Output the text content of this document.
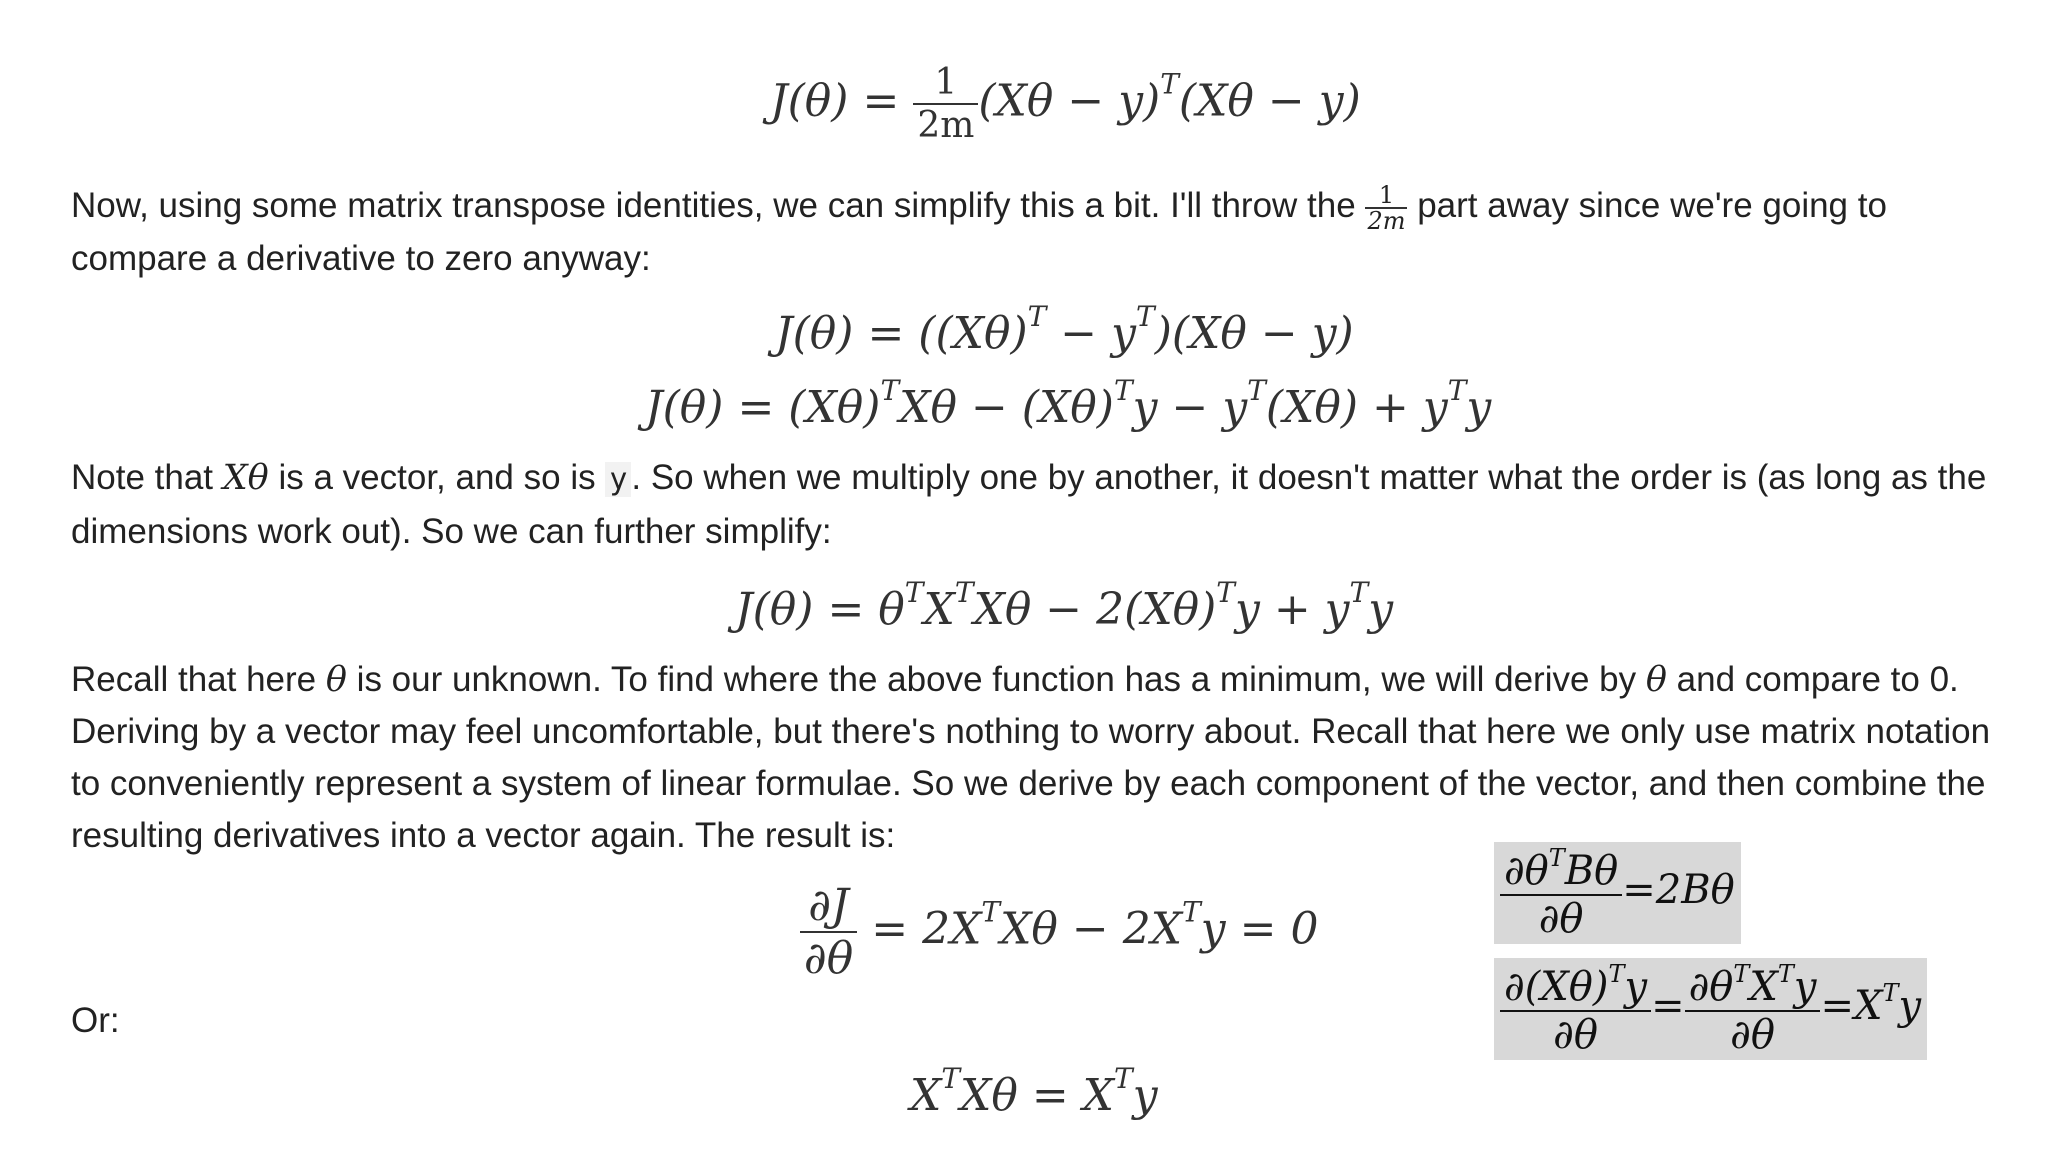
$J(\theta) = \frac{1}{2m} (X\theta - y)^T(X\theta - y)$
Now, using some matrix transpose identities, we can simplify this a bit. I'll throw the $\frac{1}{2m}$ part away since we're going to compare a derivative to zero anyway:
$J(\theta) = ((X\theta)^T - y^T)(X\theta - y)$
$J(\theta) = (X\theta)^TX\theta - (X\theta)^Ty - y^T(X\theta) + y^Ty$
Note that Xθ is a vector, and so is y . So when we multiply one by another, it doesn't matter what the order is (as long as the dimensions work out). So we can further simplify:
$J(\theta) = \theta^TX^TX\theta - 2(X\theta)^Ty + y^Ty$
Recall that here θ is our unknown. To find where the above function has a minimum, we will derive by θ and compare to 0. Deriving by a vector may feel uncomfortable, but there's nothing to worry about. Recall that here we only use matrix notation to conveniently represent a system of linear formulae. So we derive by each component of the vector, and then combine the resulting derivatives into a vector again. The result is:
$\frac{\partial J}{\partial\theta} = 2X^TX\theta - 2X^Ty = 0$
Or:
$X^TX\theta = X^Ty$
$\frac{\partial\theta^TB\theta}{\partial\theta} =2B\theta$
$\frac{\partial(X\theta)^Ty}{\partial\theta} = \frac{\partial\theta^TX^Ty}{\partial\theta} =X^Ty$
